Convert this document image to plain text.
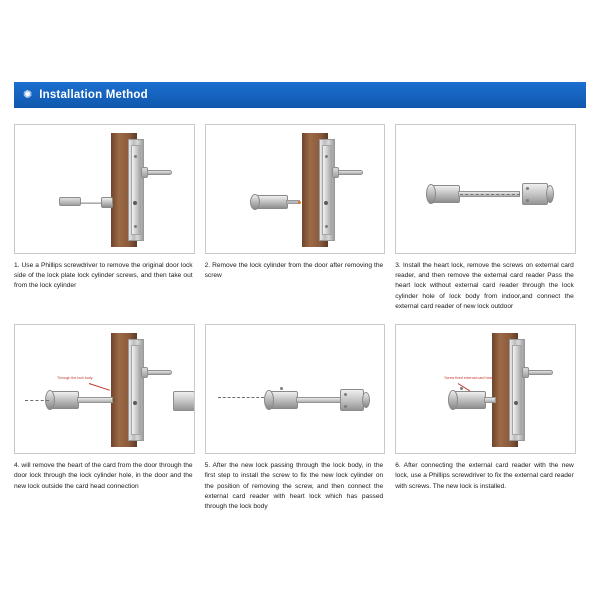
✺ Installation Method
1. Use a Phillips screwdriver to remove the original door lock side of the lock plate lock cylinder screws, and then take out from the lock cylinder
2. Remove the lock cylinder from the door after removing the screw
3. Install the heart lock, remove the screws on external card reader, and then remove the external card reader Pass the heart lock without external card reader through the lock cylinder hole of lock body from indoor,and connect the external card reader of new lock outdoor
Through the lock body
4. will remove the heart of the card from the door through the door lock through the lock cylinder hole, in the door and the new lock outside the card head connection
5. After the new lock passing through the lock body, in the first step to install the screw to fix the new lock cylinder on the position of removing the screw, and then connect the external card reader with heart lock which has passed through the lock body
Screw fixed external card head
6. After connecting the external card reader with the new lock, use a Phillips screwdriver to fix the external card reader with screws. The new lock is installed.
